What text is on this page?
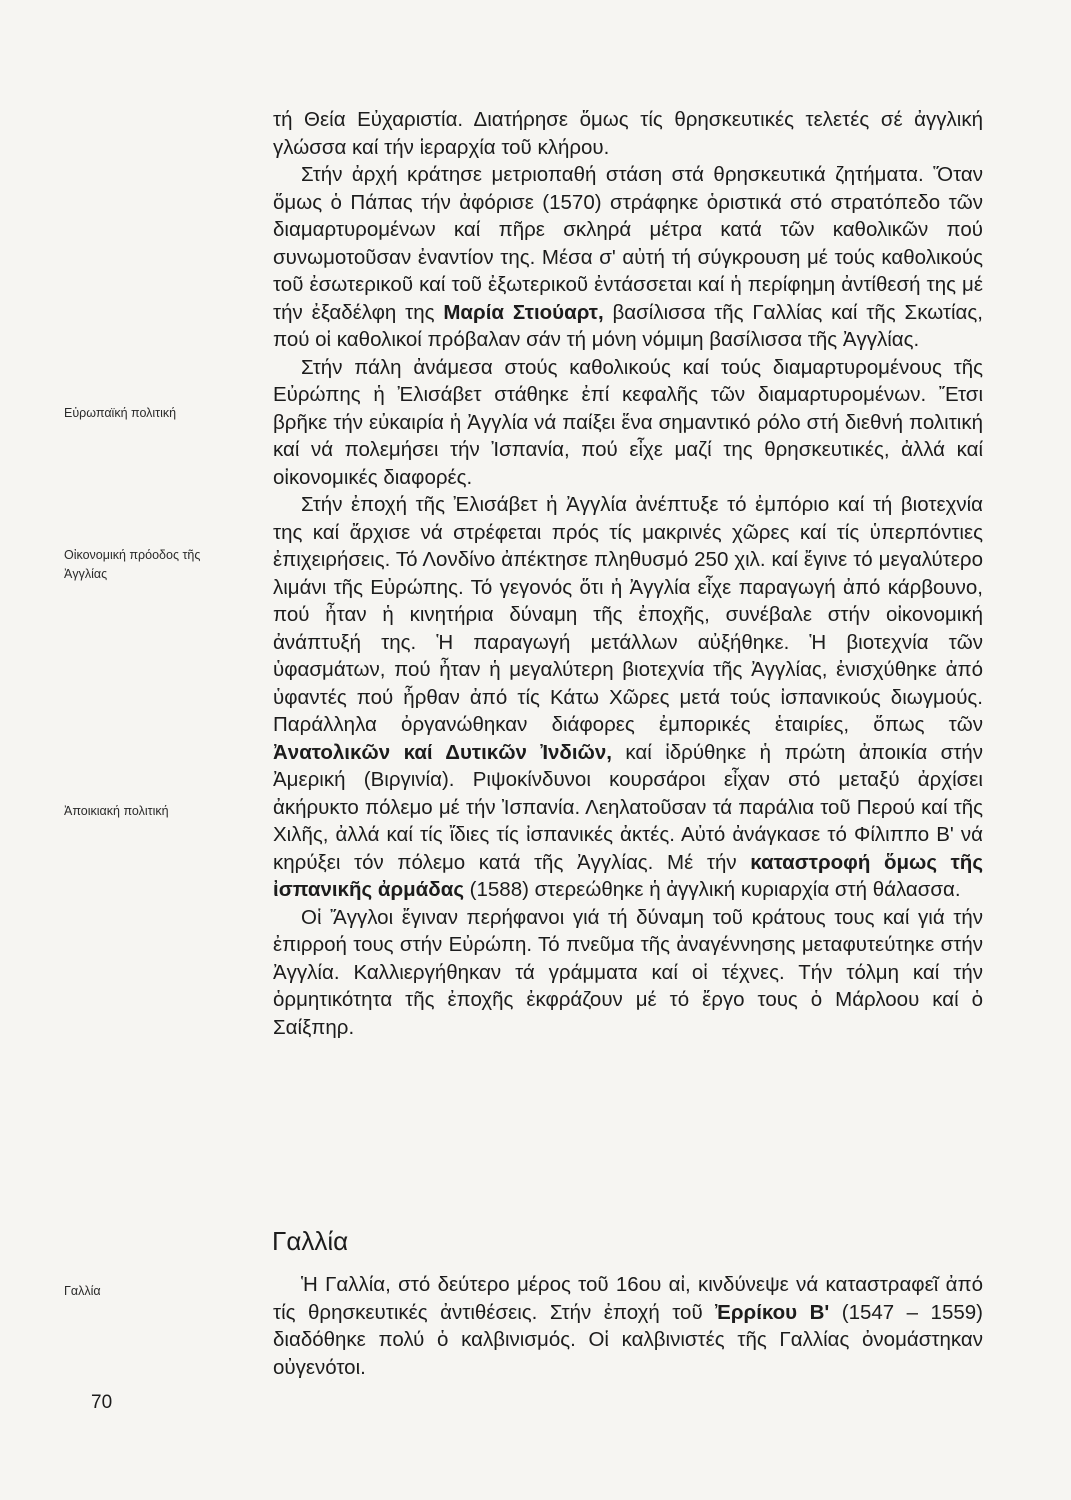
Εὐρωπαϊκή πολιτική
Οἰκονομική πρόοδος τῆς Ἀγγλίας
Ἀποικιακή πολιτική
Γαλλία

τή Θεία Εὐχαριστία. Διατήρησε ὅμως τίς θρησκευτικές τελετές σέ ἀγγλική γλώσσα καί τήν ἱεραρχία τοῦ κλήρου.

Στήν ἀρχή κράτησε μετριοπαθή στάση στά θρησκευτικά ζητήματα. Ὅταν ὅμως ὁ Πάπας τήν ἀφόρισε (1570) στράφηκε ὁριστικά στό στρατόπεδο τῶν διαμαρτυρομένων καί πῆρε σκληρά μέτρα κατά τῶν καθολικῶν πού συνωμοτοῦσαν ἐναντίον της. Μέσα σ' αὐτή τή σύγκρουση μέ τούς καθολικούς τοῦ ἐσωτερικοῦ καί τοῦ ἐξωτερικοῦ ἐντάσσεται καί ἡ περίφημη ἀντίθεσή της μέ τήν ἐξαδέλφη της Μαρία Στιούαρτ, βασίλισσα τῆς Γαλλίας καί τῆς Σκωτίας, πού οἱ καθολικοί πρόβαλαν σάν τή μόνη νόμιμη βασίλισσα τῆς Ἀγγλίας.

Στήν πάλη ἀνάμεσα στούς καθολικούς καί τούς διαμαρτυρομένους τῆς Εὐρώπης ἡ Ἐλισάβετ στάθηκε ἐπί κεφαλῆς τῶν διαμαρτυρομένων. Ἔτσι βρῆκε τήν εὐκαιρία ἡ Ἀγγλία νά παίξει ἕνα σημαντικό ρόλο στή διεθνή πολιτική καί νά πολεμήσει τήν Ἰσπανία, πού εἶχε μαζί της θρησκευτικές, ἀλλά καί οἰκονομικές διαφορές.

Στήν ἐποχή τῆς Ἐλισάβετ ἡ Ἀγγλία ἀνέπτυξε τό ἐμπόριο καί τή βιοτεχνία της καί ἄρχισε νά στρέφεται πρός τίς μακρινές χῶρες καί τίς ὑπερπόντιες ἐπιχειρήσεις. Τό Λονδίνο ἀπέκτησε πληθυσμό 250 χιλ. καί ἔγινε τό μεγαλύτερο λιμάνι τῆς Εὐρώπης. Τό γεγονός ὅτι ἡ Ἀγγλία εἶχε παραγωγή ἀπό κάρβουνο, πού ἦταν ἡ κινητήρια δύναμη τῆς ἐποχῆς, συνέβαλε στήν οἰκονομική ἀνάπτυξή της. Ἡ παραγωγή μετάλλων αὐξήθηκε. Ἡ βιοτεχνία τῶν ὑφασμάτων, πού ἦταν ἡ μεγαλύτερη βιοτεχνία τῆς Ἀγγλίας, ἐνισχύθηκε ἀπό ὑφαντές πού ἦρθαν ἀπό τίς Κάτω Χῶρες μετά τούς ἰσπανικούς διωγμούς. Παράλληλα ὀργανώθηκαν διάφορες ἐμπορικές ἑταιρίες, ὅπως τῶν Ἀνατολικῶν καί Δυτικῶν Ἰνδιῶν, καί ἱδρύθηκε ἡ πρώτη ἀποικία στήν Ἀμερική (Βιργινία). Ριψοκίνδυνοι κουρσάροι εἶχαν στό μεταξύ ἀρχίσει ἀκήρυκτο πόλεμο μέ τήν Ἰσπανία. Λεηλατοῦσαν τά παράλια τοῦ Περού καί τῆς Χιλῆς, ἀλλά καί τίς ἴδιες τίς ἰσπανικές ἀκτές. Αὐτό ἀνάγκασε τό Φίλιππο Β' νά κηρύξει τόν πόλεμο κατά τῆς Ἀγγλίας. Μέ τήν καταστροφή ὅμως τῆς ἰσπανικῆς ἀρμάδας (1588) στερεώθηκε ἡ ἀγγλική κυριαρχία στή θάλασσα.

Οἱ Ἄγγλοι ἔγιναν περήφανοι γιά τή δύναμη τοῦ κράτους τους καί γιά τήν ἐπιρροή τους στήν Εὐρώπη. Τό πνεῦμα τῆς ἀναγέννησης μεταφυτεύτηκε στήν Ἀγγλία. Καλλιεργήθηκαν τά γράμματα καί οἱ τέχνες. Τήν τόλμη καί τήν ὁρμητικότητα τῆς ἐποχῆς ἐκφράζουν μέ τό ἔργο τους ὁ Μάρλοου καί ὁ Σαίξπηρ.

Γαλλία

Ἡ Γαλλία, στό δεύτερο μέρος τοῦ 16ου αἰ, κινδύνεψε νά καταστραφεῖ ἀπό τίς θρησκευτικές ἀντιθέσεις. Στήν ἐποχή τοῦ Ἐρρίκου Β' (1547 – 1559) διαδόθηκε πολύ ὁ καλβινισμός. Οἱ καλβινιστές τῆς Γαλλίας ὀνομάστηκαν οὐγενότοι.

70
